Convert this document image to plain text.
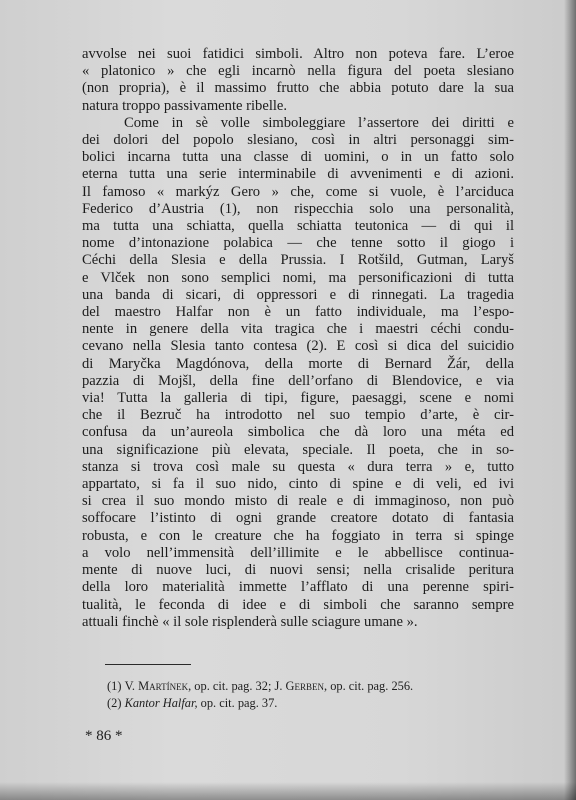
avvolse nei suoi fatidici simboli. Altro non poteva fare. L’eroe
« platonico » che egli incarnò nella figura del poeta slesiano
(non propria), è il massimo frutto che abbia potuto dare la sua
natura troppo passivamente ribelle.
Come in sè volle simboleggiare l’assertore dei diritti e
dei dolori del popolo slesiano, così in altri personaggi sim-
bolici incarna tutta una classe di uomini, o in un fatto solo
eterna tutta una serie interminabile di avvenimenti e di azioni.
Il famoso « markýz Gero » che, come si vuole, è l’arciduca
Federico d’Austria (1), non rispecchia solo una personalità,
ma tutta una schiatta, quella schiatta teutonica — di qui il
nome d’intonazione polabica — che tenne sotto il giogo i
Céchi della Slesia e della Prussia. I Rotšild, Gutman, Laryš
e Vlček non sono semplici nomi, ma personificazioni di tutta
una banda di sicari, di oppressori e di rinnegati. La tragedia
del maestro Halfar non è un fatto individuale, ma l’espo-
nente in genere della vita tragica che i maestri céchi condu-
cevano nella Slesia tanto contesa (2). E così si dica del suicidio
di Maryčka Magdónova, della morte di Bernard Žár, della
pazzia di Mojšl, della fine dell’orfano di Blendovice, e via
via! Tutta la galleria di tipi, figure, paesaggi, scene e nomi
che il Bezruč ha introdotto nel suo tempio d’arte, è cir-
confusa da un’aureola simbolica che dà loro una méta ed
una significazione più elevata, speciale. Il poeta, che in so-
stanza si trova così male su questa « dura terra » e, tutto
appartato, si fa il suo nido, cinto di spine e di veli, ed ivi
si crea il suo mondo misto di reale e di immaginoso, non può
soffocare l’istinto di ogni grande creatore dotato di fantasia
robusta, e con le creature che ha foggiato in terra si spinge
a volo nell’immensità dell’illimite e le abbellisce continua-
mente di nuove luci, di nuovi sensi; nella crisalide peritura
della loro materialità immette l’afflato di una perenne spiri-
tualità, le feconda di idee e di simboli che saranno sempre
attuali finchè « il sole risplenderà sulle sciagure umane ».
(1) V. Martínek, op. cit. pag. 32; J. Gerben, op. cit. pag. 256.
(2) Kantor Halfar, op. cit. pag. 37.
* 86 *
